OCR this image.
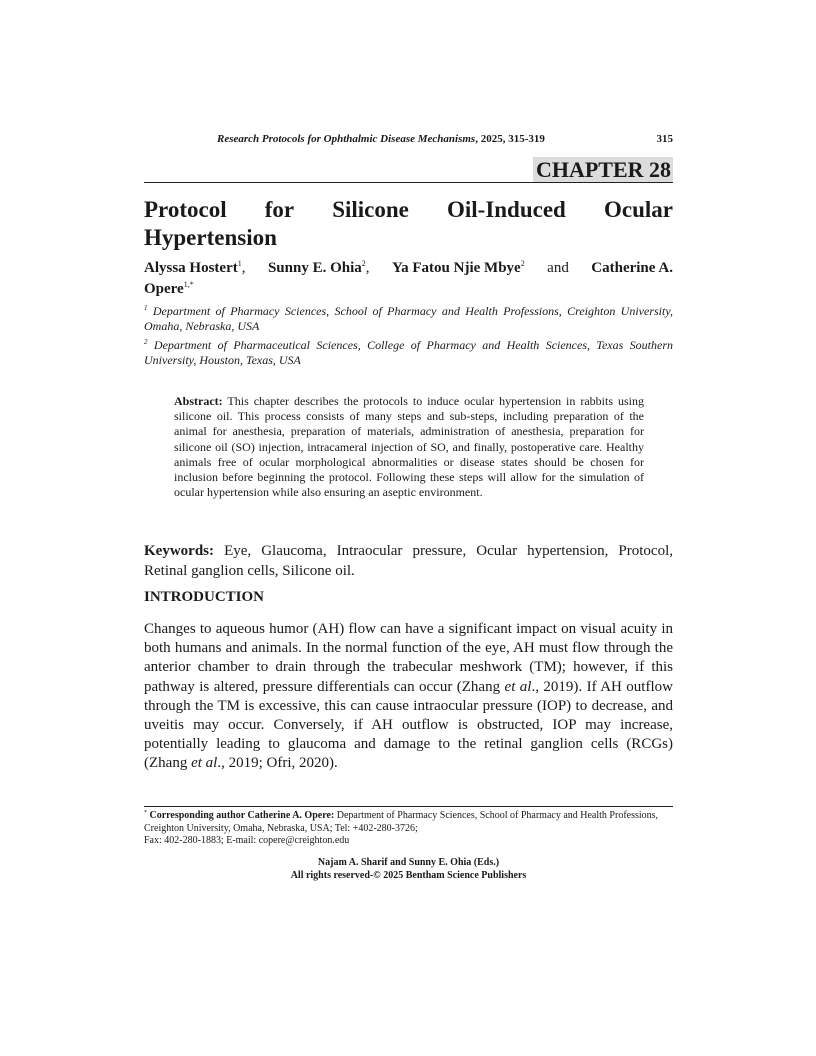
Research Protocols for Ophthalmic Disease Mechanisms, 2025, 315-319	315
CHAPTER 28
Protocol for Silicone Oil-Induced Ocular
Hypertension
Alyssa Hostert$^1$, Sunny E. Ohia$^2$, Ya Fatou Njie Mbye$^2$ and Catherine A.
Opere$^{1,*}$
$^1$ Department of Pharmacy Sciences, School of Pharmacy and Health Professions, Creighton University, Omaha, Nebraska, USA
$^2$ Department of Pharmaceutical Sciences, College of Pharmacy and Health Sciences, Texas Southern University, Houston, Texas, USA
Abstract: This chapter describes the protocols to induce ocular hypertension in rabbits using silicone oil. This process consists of many steps and sub-steps, including preparation of the animal for anesthesia, preparation of materials, administration of anesthesia, preparation for silicone oil (SO) injection, intracameral injection of SO, and finally, postoperative care. Healthy animals free of ocular morphological abnormalities or disease states should be chosen for inclusion before beginning the protocol. Following these steps will allow for the simulation of ocular hypertension while also ensuring an aseptic environment.
Keywords: Eye, Glaucoma, Intraocular pressure, Ocular hypertension, Protocol, Retinal ganglion cells, Silicone oil.
INTRODUCTION
Changes to aqueous humor (AH) flow can have a significant impact on visual acuity in both humans and animals. In the normal function of the eye, AH must flow through the anterior chamber to drain through the trabecular meshwork (TM); however, if this pathway is altered, pressure differentials can occur (Zhang et al., 2019). If AH outflow through the TM is excessive, this can cause intraocular pressure (IOP) to decrease, and uveitis may occur. Conversely, if AH outflow is obstructed, IOP may increase, potentially leading to glaucoma and damage to the retinal ganglion cells (RCGs) (Zhang et al., 2019; Ofri, 2020).
* Corresponding author Catherine A. Opere: Department of Pharmacy Sciences, School of Pharmacy and Health Professions, Creighton University, Omaha, Nebraska, USA; Tel: +402-280-3726;
Fax: 402-280-1883; E-mail: copere@creighton.edu
Najam A. Sharif and Sunny E. Ohia (Eds.)
All rights reserved-© 2025 Bentham Science Publishers
